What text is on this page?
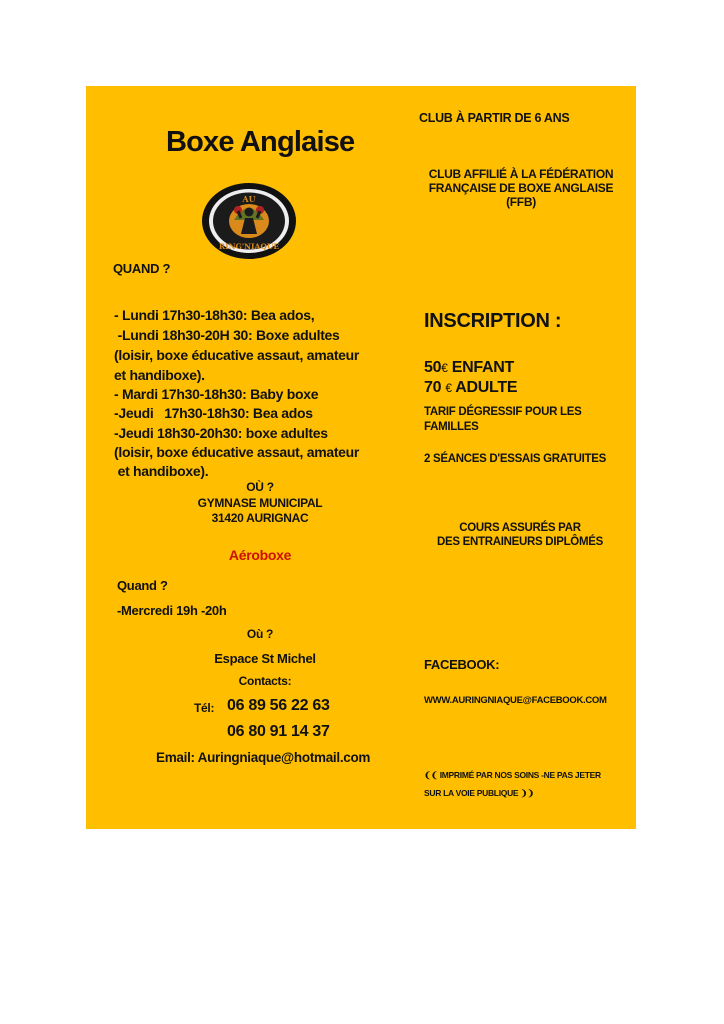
Boxe Anglaise
AU
RING'NIAQUE
QUAND ?
- Lundi 17h30-18h30: Bea ados,
-Lundi 18h30-20H 30: Boxe adultes
(loisir, boxe éducative assaut, amateur
et handiboxe).
- Mardi 17h30-18h30: Baby boxe
-Jeudi   17h30-18h30: Bea ados
-Jeudi 18h30-20h30: boxe adultes
(loisir, boxe éducative assaut, amateur
et handiboxe).
OÙ ?
GYMNASE MUNICIPAL
31420 AURIGNAC
Aéroboxe
Quand ?
-Mercredi 19h -20h
Où ?
Espace St Michel
Contacts:
Tél: 06 89 56 22 63
06 80 91 14 37
Email: Auringniaque@hotmail.com
CLUB À PARTIR DE 6 ANS
CLUB AFFILIÉ À LA FÉDÉRATION
FRANÇAISE DE BOXE ANGLAISE
(FFB)
INSCRIPTION :
50€ ENFANT
70 € ADULTE
TARIF DÉGRESSIF POUR LES
FAMILLES
2 SÉANCES D'ESSAIS GRATUITES
COURS ASSURÉS PAR
DES ENTRAINEURS DIPLÔMÉS
FACEBOOK:
WWW.AURINGNIAQUE@FACEBOOK.COM
❨❨ IMPRIMÉ PAR NOS SOINS -NE PAS JETER
SUR LA VOIE PUBLIQUE ❩❩
